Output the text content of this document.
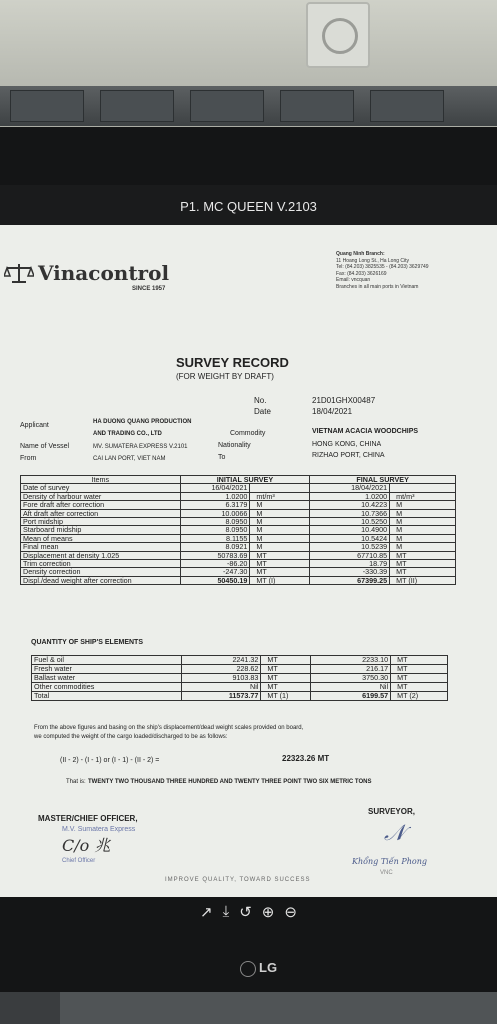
P1. MC QUEEN V.2103
Vinacontrol
SINCE 1957
Quang Ninh Branch:
11 Hoang Long St., Ha Long City
Tel: (84.203) 3825535 - (84.203) 3629749
Fax: (84.203) 3626169
Email: vncquan
Branches in all main ports in Vietnam
SURVEY RECORD
(FOR WEIGHT BY DRAFT)
No.	21D01GHX00487
Date	18/04/2021
Applicant	HA DUONG QUANG PRODUCTION
AND TRADING CO., LTD
Name of Vessel	MV. SUMATERA EXPRESS V.2101
From	CAI LAN PORT, VIET NAM
Commodity	VIETNAM ACACIA WOODCHIPS
Nationality	HONG KONG, CHINA
To	RIZHAO PORT, CHINA
Items	INITIAL SURVEY		FINAL SURVEY	
Date of survey	16/04/2021		18/04/2021	
Density of harbour water	1.0200	mt/m³	1.0200	mt/m³
Fore draft after correction	6.3179	M	10.4223	M
Aft draft after correction	10.0066	M	10.7366	M
Port midship	8.0950	M	10.5250	M
Starboard midship	8.0950	M	10.4900	M
Mean of means	8.1155	M	10.5424	M
Final mean	8.0921	M	10.5239	M
Displacement at density 1.025	50783.69	MT	67710.85	MT
Trim correction	-86.20	MT	18.79	MT
Density correction	-247.30	MT	-330.39	MT
Displ./dead weight after correction	50450.19	MT (I)	67399.25	MT (II)
QUANTITY OF SHIP'S ELEMENTS
Fuel & oil	2241.32	MT	2233.10	MT
Fresh water	228.62	MT	216.17	MT
Ballast water	9103.83	MT	3750.30	MT
Other commodities	Nil	MT	Nil	MT
Total	11573.77	MT (1)	6199.57	MT (2)
From the above figures and basing on the ship's displacement/dead weight scales provided on board,
we computed the weight of the cargo loaded/discharged to be as follows:
(II - 2) - (I - 1) or (I - 1) - (II - 2) =	22323.26 MT
That is: TWENTY TWO THOUSAND THREE HUNDRED AND TWENTY THREE POINT TWO SIX METRIC TONS
MASTER/CHIEF OFFICER,
M.V. Sumatera Express
C/o 兆
Chief Officer
SURVEYOR,
𝒩
Khổng Tiến Phong
VNC
IMPROVE QUALITY, TOWARD SUCCESS
↗ ⤓ ↺ ⊕ ⊖
LG
